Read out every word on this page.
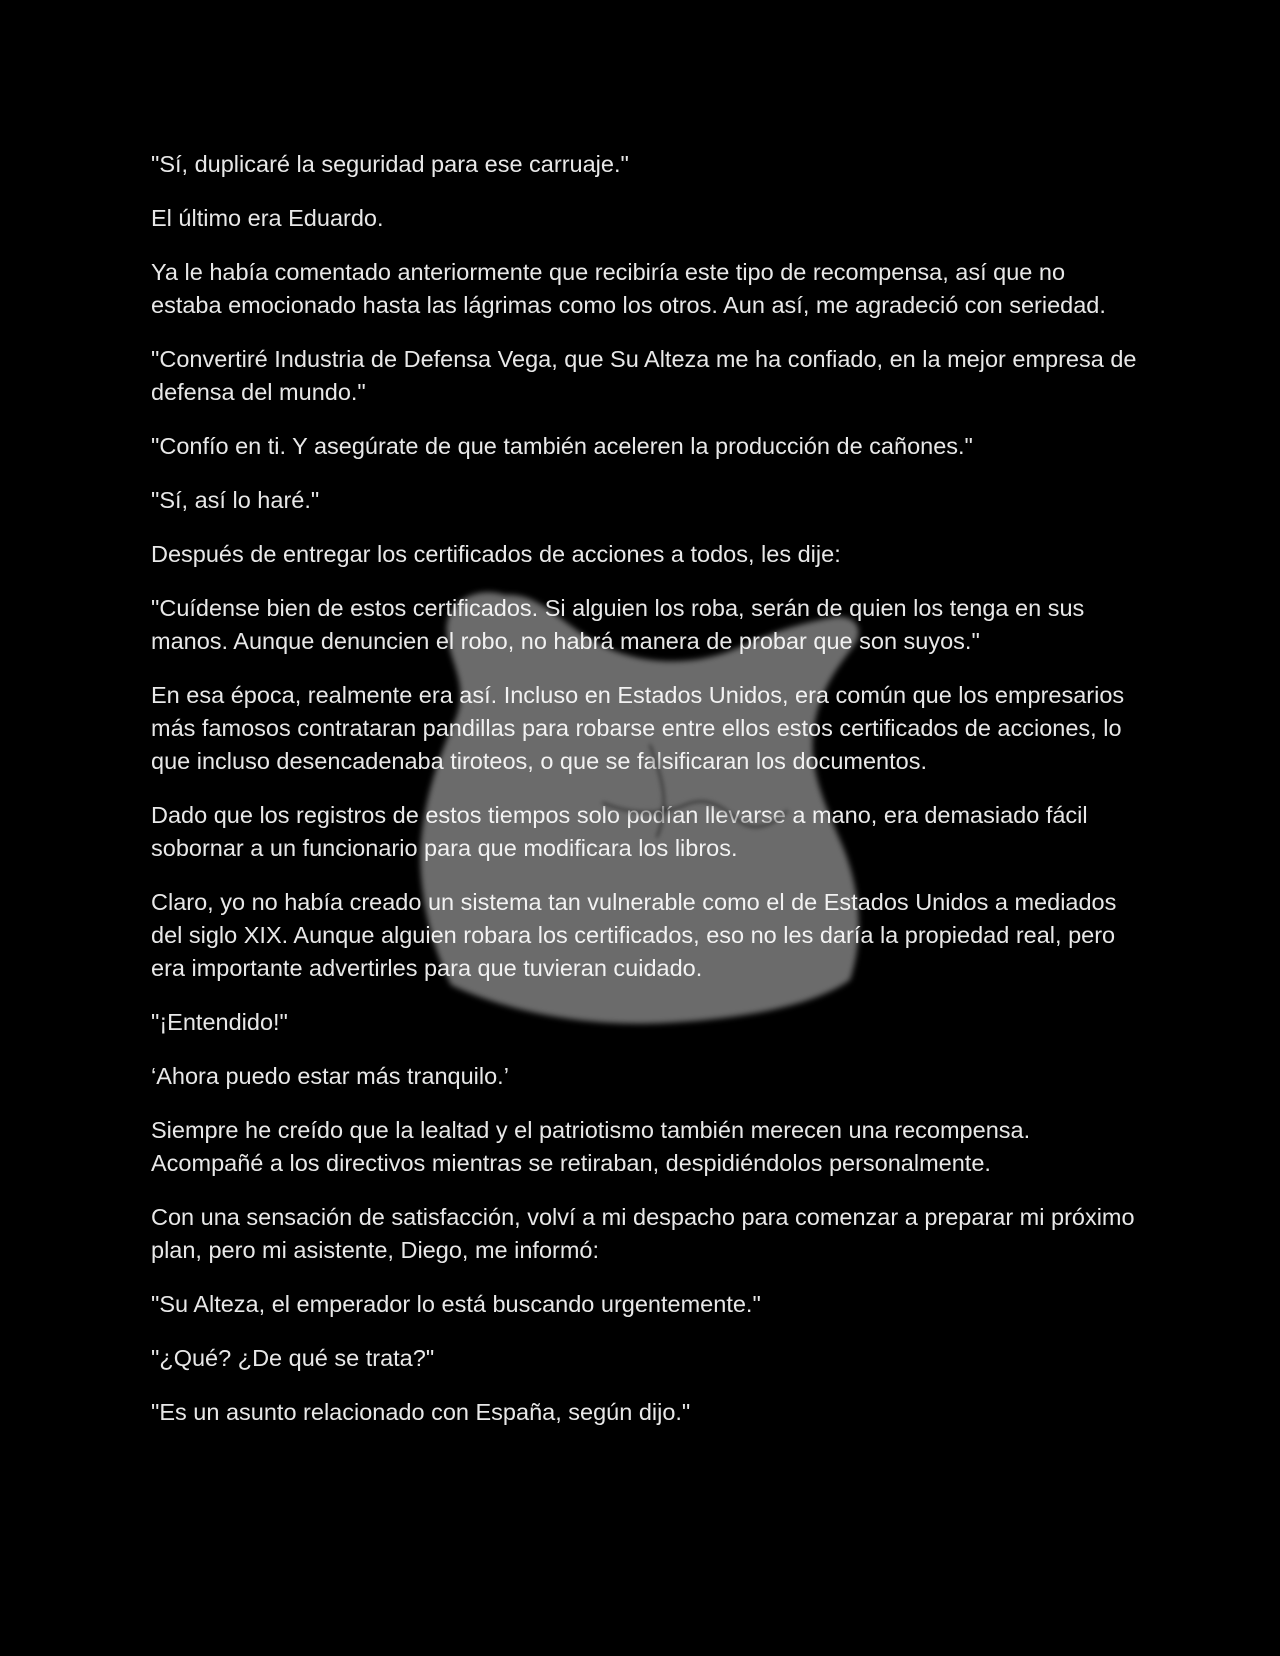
"Sí, duplicaré la seguridad para ese carruaje."

El último era Eduardo.

Ya le había comentado anteriormente que recibiría este tipo de recompensa, así que no estaba emocionado hasta las lágrimas como los otros. Aun así, me agradeció con seriedad.

"Convertiré Industria de Defensa Vega, que Su Alteza me ha confiado, en la mejor empresa de defensa del mundo."

"Confío en ti. Y asegúrate de que también aceleren la producción de cañones."

"Sí, así lo haré."

Después de entregar los certificados de acciones a todos, les dije:

"Cuídense bien de estos certificados. Si alguien los roba, serán de quien los tenga en sus manos. Aunque denuncien el robo, no habrá manera de probar que son suyos."

En esa época, realmente era así. Incluso en Estados Unidos, era común que los empresarios más famosos contrataran pandillas para robarse entre ellos estos certificados de acciones, lo que incluso desencadenaba tiroteos, o que se falsificaran los documentos.

Dado que los registros de estos tiempos solo podían llevarse a mano, era demasiado fácil sobornar a un funcionario para que modificara los libros.

Claro, yo no había creado un sistema tan vulnerable como el de Estados Unidos a mediados del siglo XIX. Aunque alguien robara los certificados, eso no les daría la propiedad real, pero era importante advertirles para que tuvieran cuidado.

"¡Entendido!"

‘Ahora puedo estar más tranquilo.’

Siempre he creído que la lealtad y el patriotismo también merecen una recompensa. Acompañé a los directivos mientras se retiraban, despidiéndolos personalmente.

Con una sensación de satisfacción, volví a mi despacho para comenzar a preparar mi próximo plan, pero mi asistente, Diego, me informó:

"Su Alteza, el emperador lo está buscando urgentemente."

"¿Qué? ¿De qué se trata?"

"Es un asunto relacionado con España, según dijo."
